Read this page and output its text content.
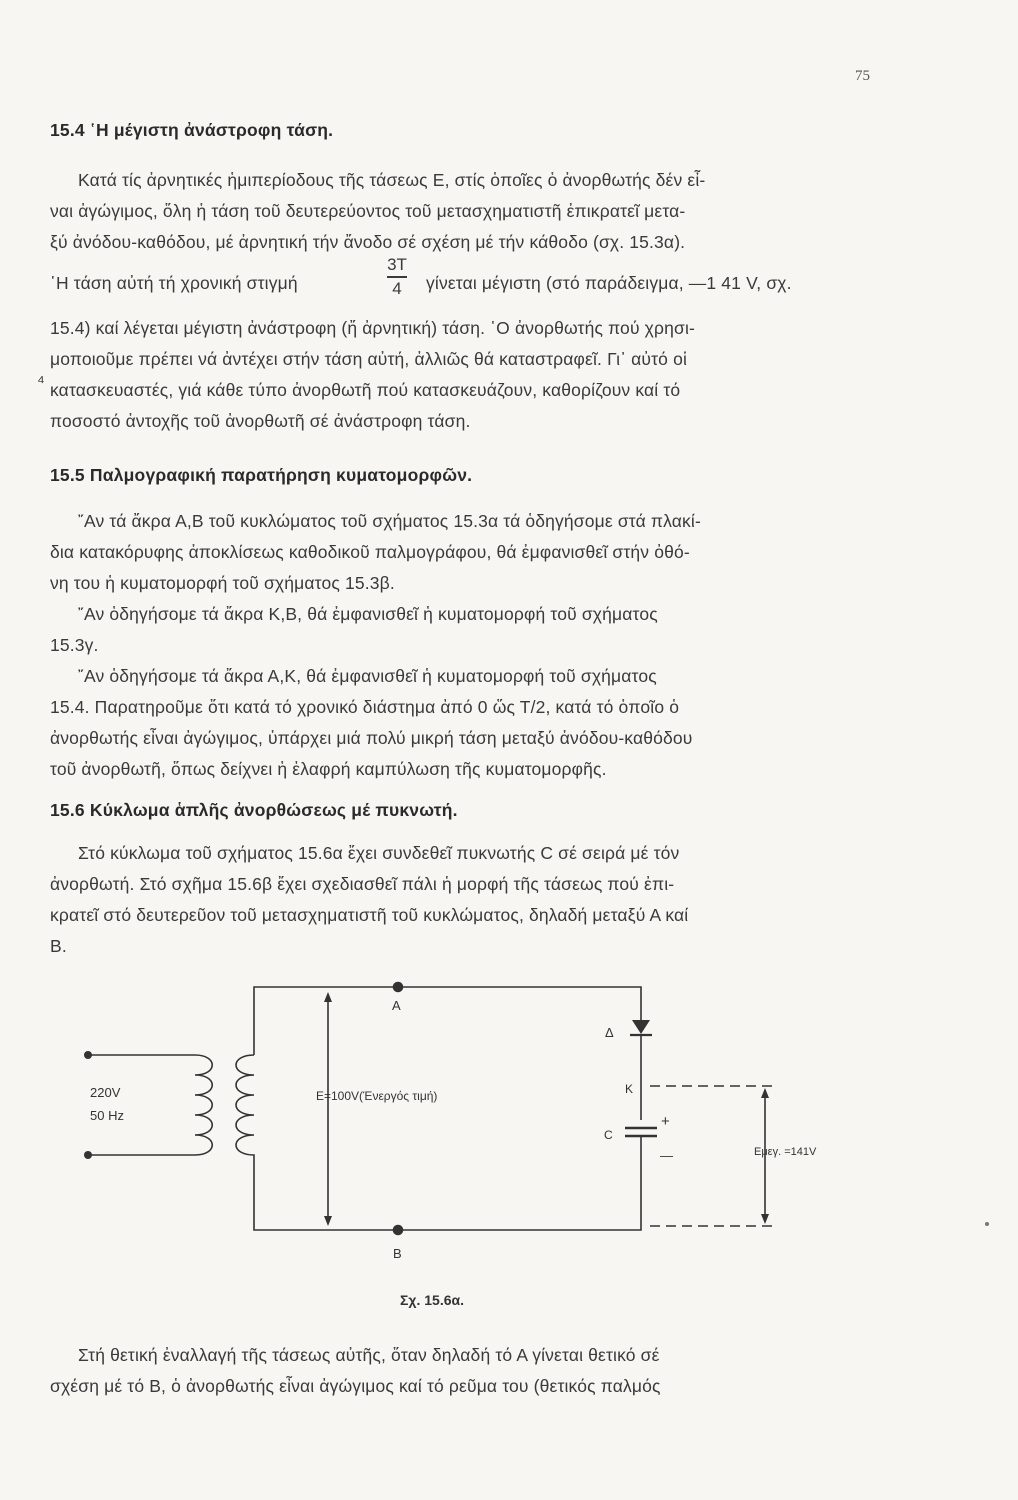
75
15.4 ῾Η μέγιστη ἀνάστροφη τάση.
Κατά τίς ἀρνητικές ἡμιπερίοδους τῆς τάσεως Ε, στίς ὁποῖες ὁ ἀνορθωτής δέν εἶ-
ναι ἀγώγιμος, ὅλη ἡ τάση τοῦ δευτερεύοντος τοῦ μετασχηματιστῆ ἐπικρατεῖ μετα-
ξύ ἀνόδου-καθόδου, μέ ἀρνητική τήν ἄνοδο σέ σχέση μέ τήν κάθοδο (σχ. 15.3α).
῾Η τάση αὐτή τή χρονική στιγμή
3T
4	γίνεται μέγιστη (στό παράδειγμα, —1 41 V, σχ.
15.4) καί λέγεται μέγιστη ἀνάστροφη (ἤ ἀρνητική) τάση. ῾Ο ἀνορθωτής πού χρησι-
μοποιοῦμε πρέπει νά ἀντέχει στήν τάση αὐτή, ἀλλιῶς θά καταστραφεῖ. Γι᾿ αὐτό οἱ
κατασκευαστές, γιά κάθε τύπο ἀνορθωτῆ πού κατασκευάζουν, καθορίζουν καί τό
ποσοστό ἀντοχῆς τοῦ ἀνορθωτῆ σέ ἀνάστροφη τάση.
⁴
15.5 Παλμογραφική παρατήρηση κυματομορφῶν.
῎Αν τά ἄκρα Α,Β τοῦ κυκλώματος τοῦ σχήματος 15.3α τά ὁδηγήσομε στά πλακί-
δια κατακόρυφης ἀποκλίσεως καθοδικοῦ παλμογράφου, θά ἐμφανισθεῖ στήν ὀθό-
νη του ἡ κυματομορφή τοῦ σχήματος 15.3β.
῎Αν ὁδηγήσομε τά ἄκρα Κ,Β, θά ἐμφανισθεῖ ἡ κυματομορφή τοῦ σχήματος
15.3γ.
῎Αν ὁδηγήσομε τά ἄκρα Α,Κ, θά ἐμφανισθεῖ ἡ κυματομορφή τοῦ σχήματος
15.4. Παρατηροῦμε ὅτι κατά τό χρονικό διάστημα ἀπό 0 ὥς Τ/2, κατά τό ὁποῖο ὁ
ἀνορθωτής εἶναι ἀγώγιμος, ὑπάρχει μιά πολύ μικρή τάση μεταξύ ἀνόδου-καθόδου
τοῦ ἀνορθωτῆ, ὅπως δείχνει ἡ ἐλαφρή καμπύλωση τῆς κυματομορφῆς.
15.6 Κύκλωμα ἁπλῆς ἀνορθώσεως μέ πυκνωτή.
Στό κύκλωμα τοῦ σχήματος 15.6α ἔχει συνδεθεῖ πυκνωτής C σέ σειρά μέ τόν
ἀνορθωτή. Στό σχῆμα 15.6β ἔχει σχεδιασθεῖ πάλι ἡ μορφή τῆς τάσεως πού ἐπι-
κρατεῖ στό δευτερεῦον τοῦ μετασχηματιστῆ τοῦ κυκλώματος, δηλαδή μεταξύ Α καί
Β.
220V
50 Hz
A
B
Δ
K
C
+
—
E=100V(Ένεργός τιμή)
Eμεγ. =141V
Σχ. 15.6α.
Στή θετική ἐναλλαγή τῆς τάσεως αὐτῆς, ὅταν δηλαδή τό Α γίνεται θετικό σέ
σχέση μέ τό Β, ὁ ἀνορθωτής εἶναι ἀγώγιμος καί τό ρεῦμα του (θετικός παλμός
